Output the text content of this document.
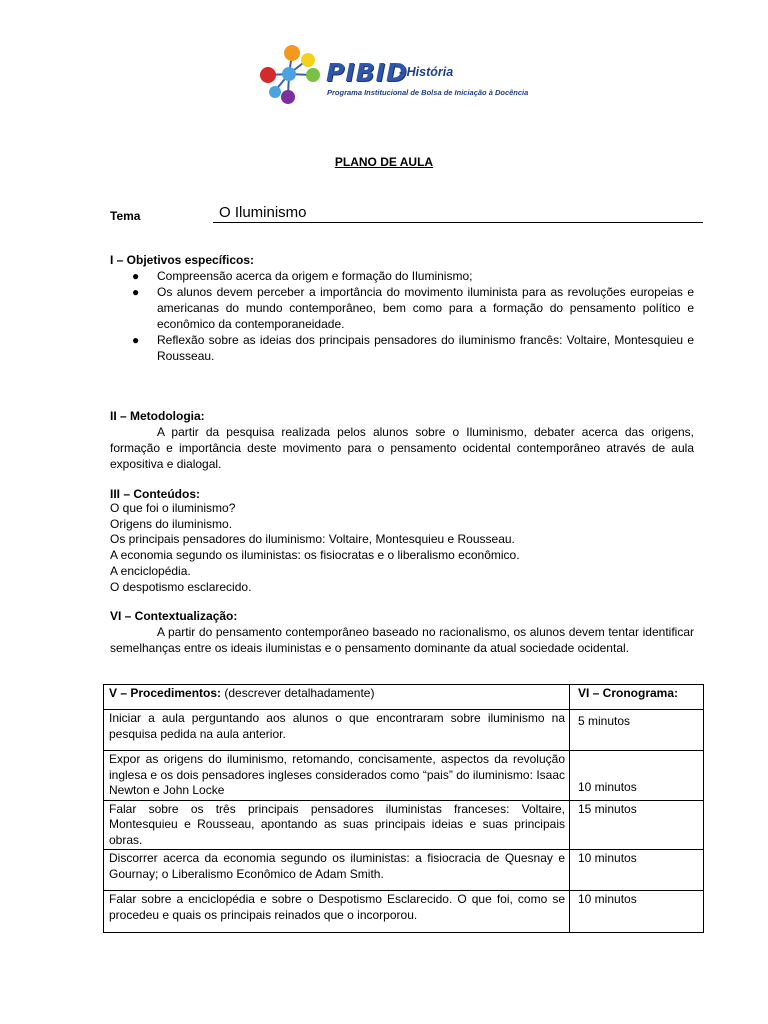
PIBID
- História
Programa Institucional de Bolsa de Iniciação à Docência
PLANO DE AULA
Tema	O Iluminismo
I – Objetivos específicos:
● Compreensão acerca da origem e formação do Iluminismo;
● Os alunos devem perceber a importância do movimento iluminista para as revoluções europeias e americanas do mundo contemporâneo, bem como para a formação do pensamento político e econômico da contemporaneidade.
● Reflexão sobre as ideias dos principais pensadores do iluminismo francês: Voltaire, Montesquieu e Rousseau.
II – Metodologia:
A partir da pesquisa realizada pelos alunos sobre o Iluminismo, debater acerca das origens, formação e importância deste movimento para o pensamento ocidental contemporâneo através de aula expositiva e dialogal.
III – Conteúdos:
O que foi o iluminismo?
Origens do iluminismo.
Os principais pensadores do iluminismo: Voltaire, Montesquieu e Rousseau.
A economia segundo os iluministas: os fisiocratas e o liberalismo econômico.
A enciclopédia.
O despotismo esclarecido.
VI – Contextualização:
A partir do pensamento contemporâneo baseado no racionalismo, os alunos devem tentar identificar semelhanças entre os ideais iluministas e o pensamento dominante da atual sociedade ocidental.
V – Procedimentos: (descrever detalhadamente)	VI – Cronograma:
Iniciar a aula perguntando aos alunos o que encontraram sobre iluminismo na pesquisa pedida na aula anterior.	5 minutos
Expor as origens do iluminismo, retomando, concisamente, aspectos da revolução inglesa e os dois pensadores ingleses considerados como “pais” do iluminismo: Isaac Newton e John Locke	10 minutos
Falar sobre os três principais pensadores iluministas franceses: Voltaire, Montesquieu e Rousseau, apontando as suas principais ideias e suas principais obras.	15 minutos
Discorrer acerca da economia segundo os iluministas: a fisiocracia de Quesnay e Gournay; o Liberalismo Econômico de Adam Smith.	10 minutos
Falar sobre a enciclopédia e sobre o Despotismo Esclarecido. O que foi, como se procedeu e quais os principais reinados que o incorporou.	10 minutos
